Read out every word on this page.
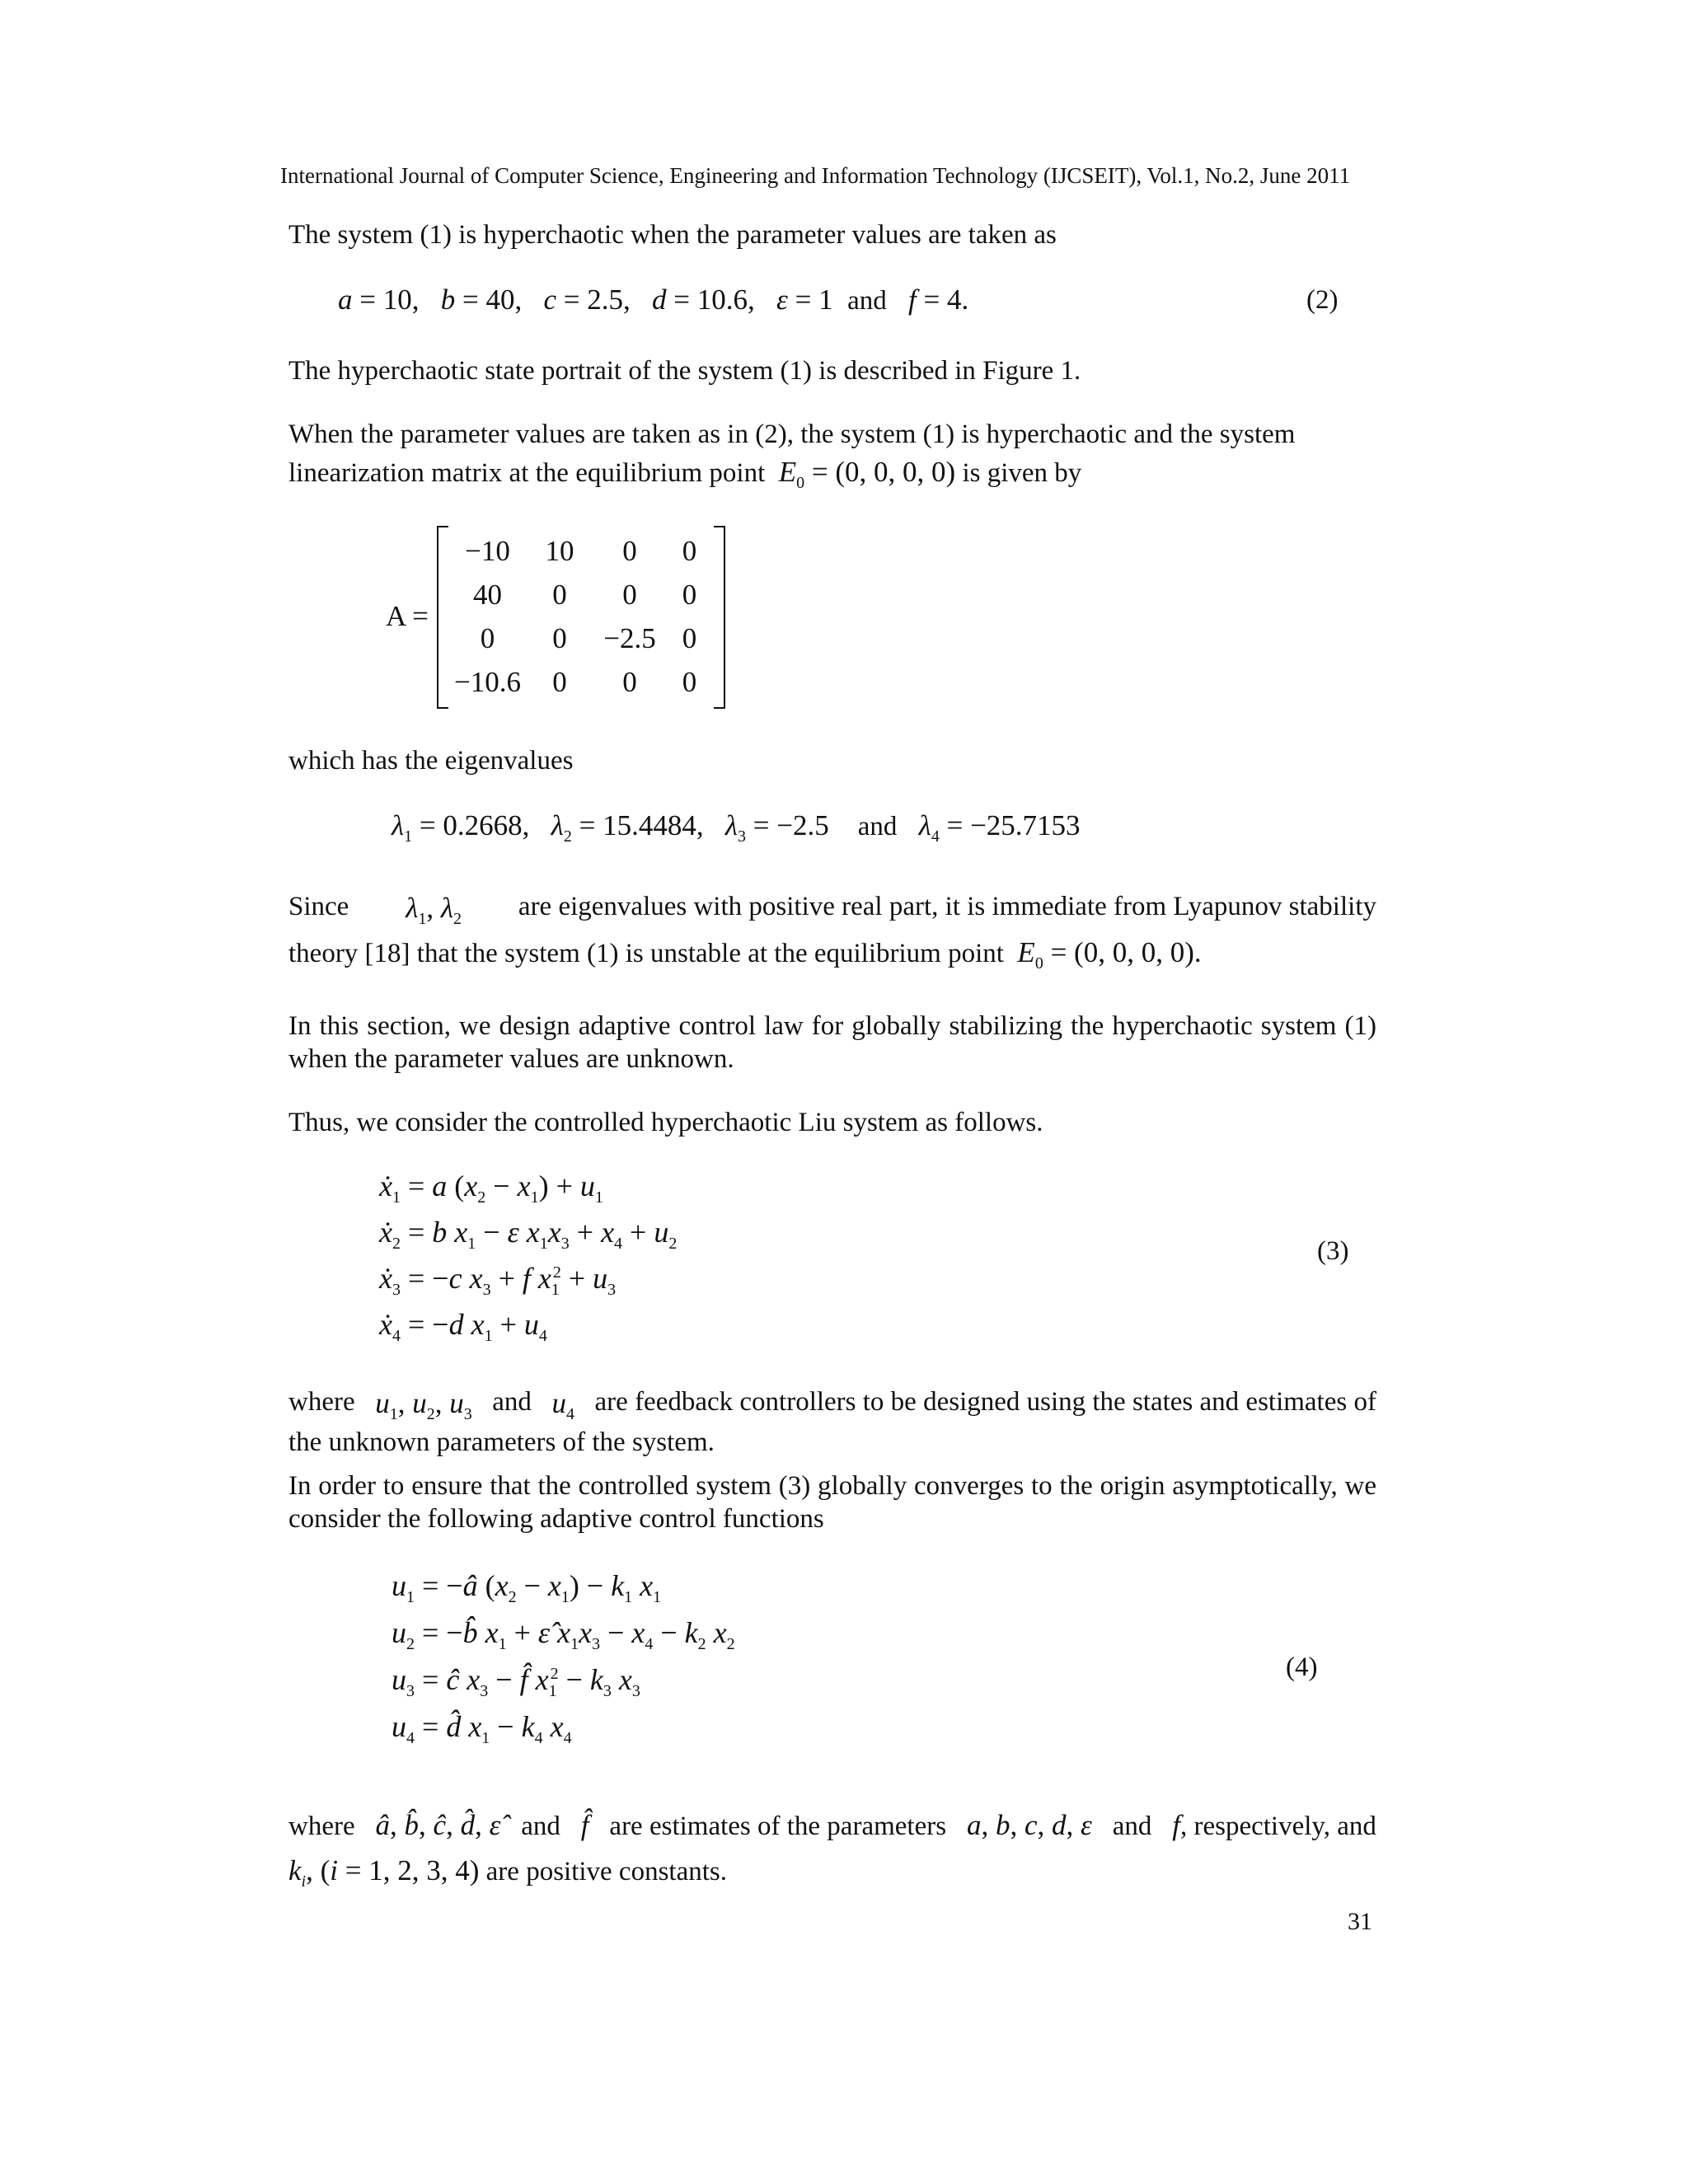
International Journal of Computer Science, Engineering and Information Technology (IJCSEIT), Vol.1, No.2, June 2011
The system (1) is hyperchaotic when the parameter values are taken as
a = 10,   b = 40,   c = 2.5,   d = 10.6,   ε = 1  and f = 4.	(2)
The hyperchaotic state portrait of the system (1) is described in Figure 1.
When the parameter values are taken as in (2), the system (1) is hyperchaotic and the system
linearization matrix at the equilibrium point $E_0 = (0$, 0, 0, 0) is given by
A =
−10	10	0	0
40	0	0	0
0	0	−2.5	0
−10.6	0	0	0
which has the eigenvalues
$\lambda_1 = 0.2668$, $\lambda_2 = 15.4484$, $\lambda_3 = -2.5$ and $\lambda_4 = -25.7153$
Since $\lambda_1$, $\lambda_2$ are eigenvalues with positive real part, it is immediate from Lyapunov stability
theory [18] that the system (1) is unstable at the equilibrium point $E_0 = (0$, 0, 0, 0).
In this section, we design adaptive control law for globally stabilizing the hyperchaotic system (1) when the parameter values are unknown.
Thus, we consider the controlled hyperchaotic Liu system as follows.
ẋ$_1$ = a $(x_2 - x_1) + u_1$
ẋ$_2$ = b $x_1 - \varepsilon$ $x_1x_3 + x_4 + u_2$
ẋ$_3$ = −c $x_3 + f$ $x_1^2 + u_3$
ẋ$_4$ = −d $x_1 + u_4$
(3)
where $u_1$, $u_2$, $u_3$ and $u_4$ are feedback controllers to be designed using the states and estimates of
the unknown parameters of the system.
In order to ensure that the controlled system (3) globally converges to the origin asymptotically, we consider the following adaptive control functions
$u_1$ = −â $(x_2 - x_1) - k_1$ $x_1$
$u_2$ = −b̂ $x_1$ + ε̂ $x_1x_3 - x_4 - k_2$ $x_2$
$u_3$ = ĉ $x_3$ − f̂ $x_1^2 - k_3$ $x_3$
$u_4$ = d̂ $x_1 - k_4$ $x_4$
(4)
where â, b̂, ĉ, d̂, ε̂ and f̂ are estimates of the parameters a, b, c, d, ε and f, respectively, and
$k_i$, (i = 1, 2, 3, 4) are positive constants.
31
